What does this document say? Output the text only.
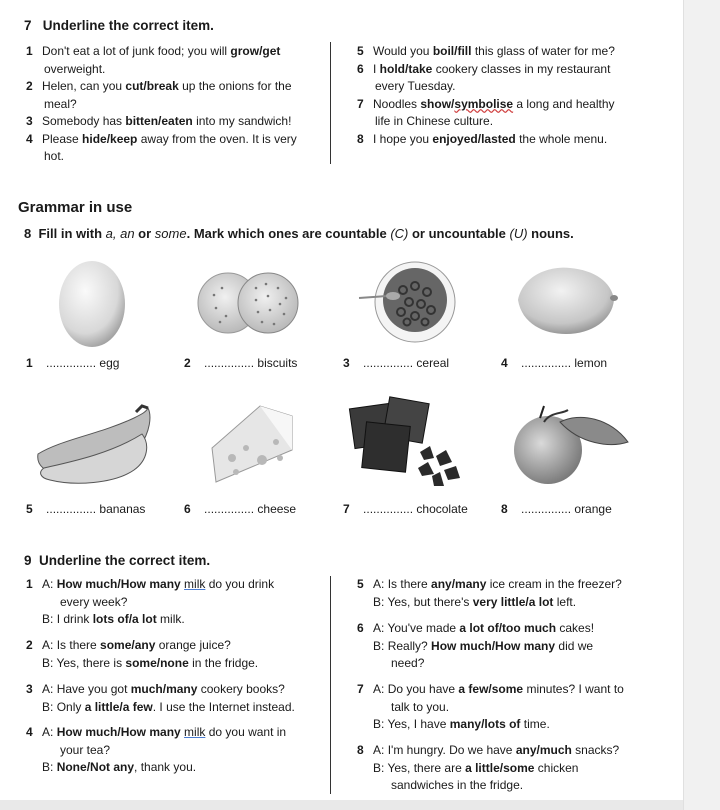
7 Underline the correct item.
1 Don't eat a lot of junk food; you will grow/get
overweight.
2 Helen, can you cut/break up the onions for the
meal?
3 Somebody has bitten/eaten into my sandwich!
4 Please hide/keep away from the oven. It is very
hot.
5 Would you boil/fill this glass of water for me?
6 I hold/take cookery classes in my restaurant
every Tuesday.
7 Noodles show/symbolise a long and healthy
life in Chinese culture.
8 I hope you enjoyed/lasted the whole menu.
Grammar in use
8 Fill in with a, an or some. Mark which ones are countable (C) or uncountable (U) nouns.
1 ............... egg	2 ............... biscuits	3 ............... cereal	4 ............... lemon
5 ............... bananas	6 ............... cheese	7 ............... chocolate	8 ............... orange
9 Underline the correct item.
1 A: How much/How many milk do you drink
every week?
B: I drink lots of/a lot milk.
2 A: Is there some/any orange juice?
B: Yes, there is some/none in the fridge.
3 A: Have you got much/many cookery books?
B: Only a little/a few. I use the Internet instead.
4 A: How much/How many milk do you want in
your tea?
B: None/Not any, thank you.
5 A: Is there any/many ice cream in the freezer?
B: Yes, but there's very little/a lot left.
6 A: You've made a lot of/too much cakes!
B: Really? How much/How many did we
need?
7 A: Do you have a few/some minutes? I want to
talk to you.
B: Yes, I have many/lots of time.
8 A: I'm hungry. Do we have any/much snacks?
B: Yes, there are a little/some chicken
sandwiches in the fridge.
